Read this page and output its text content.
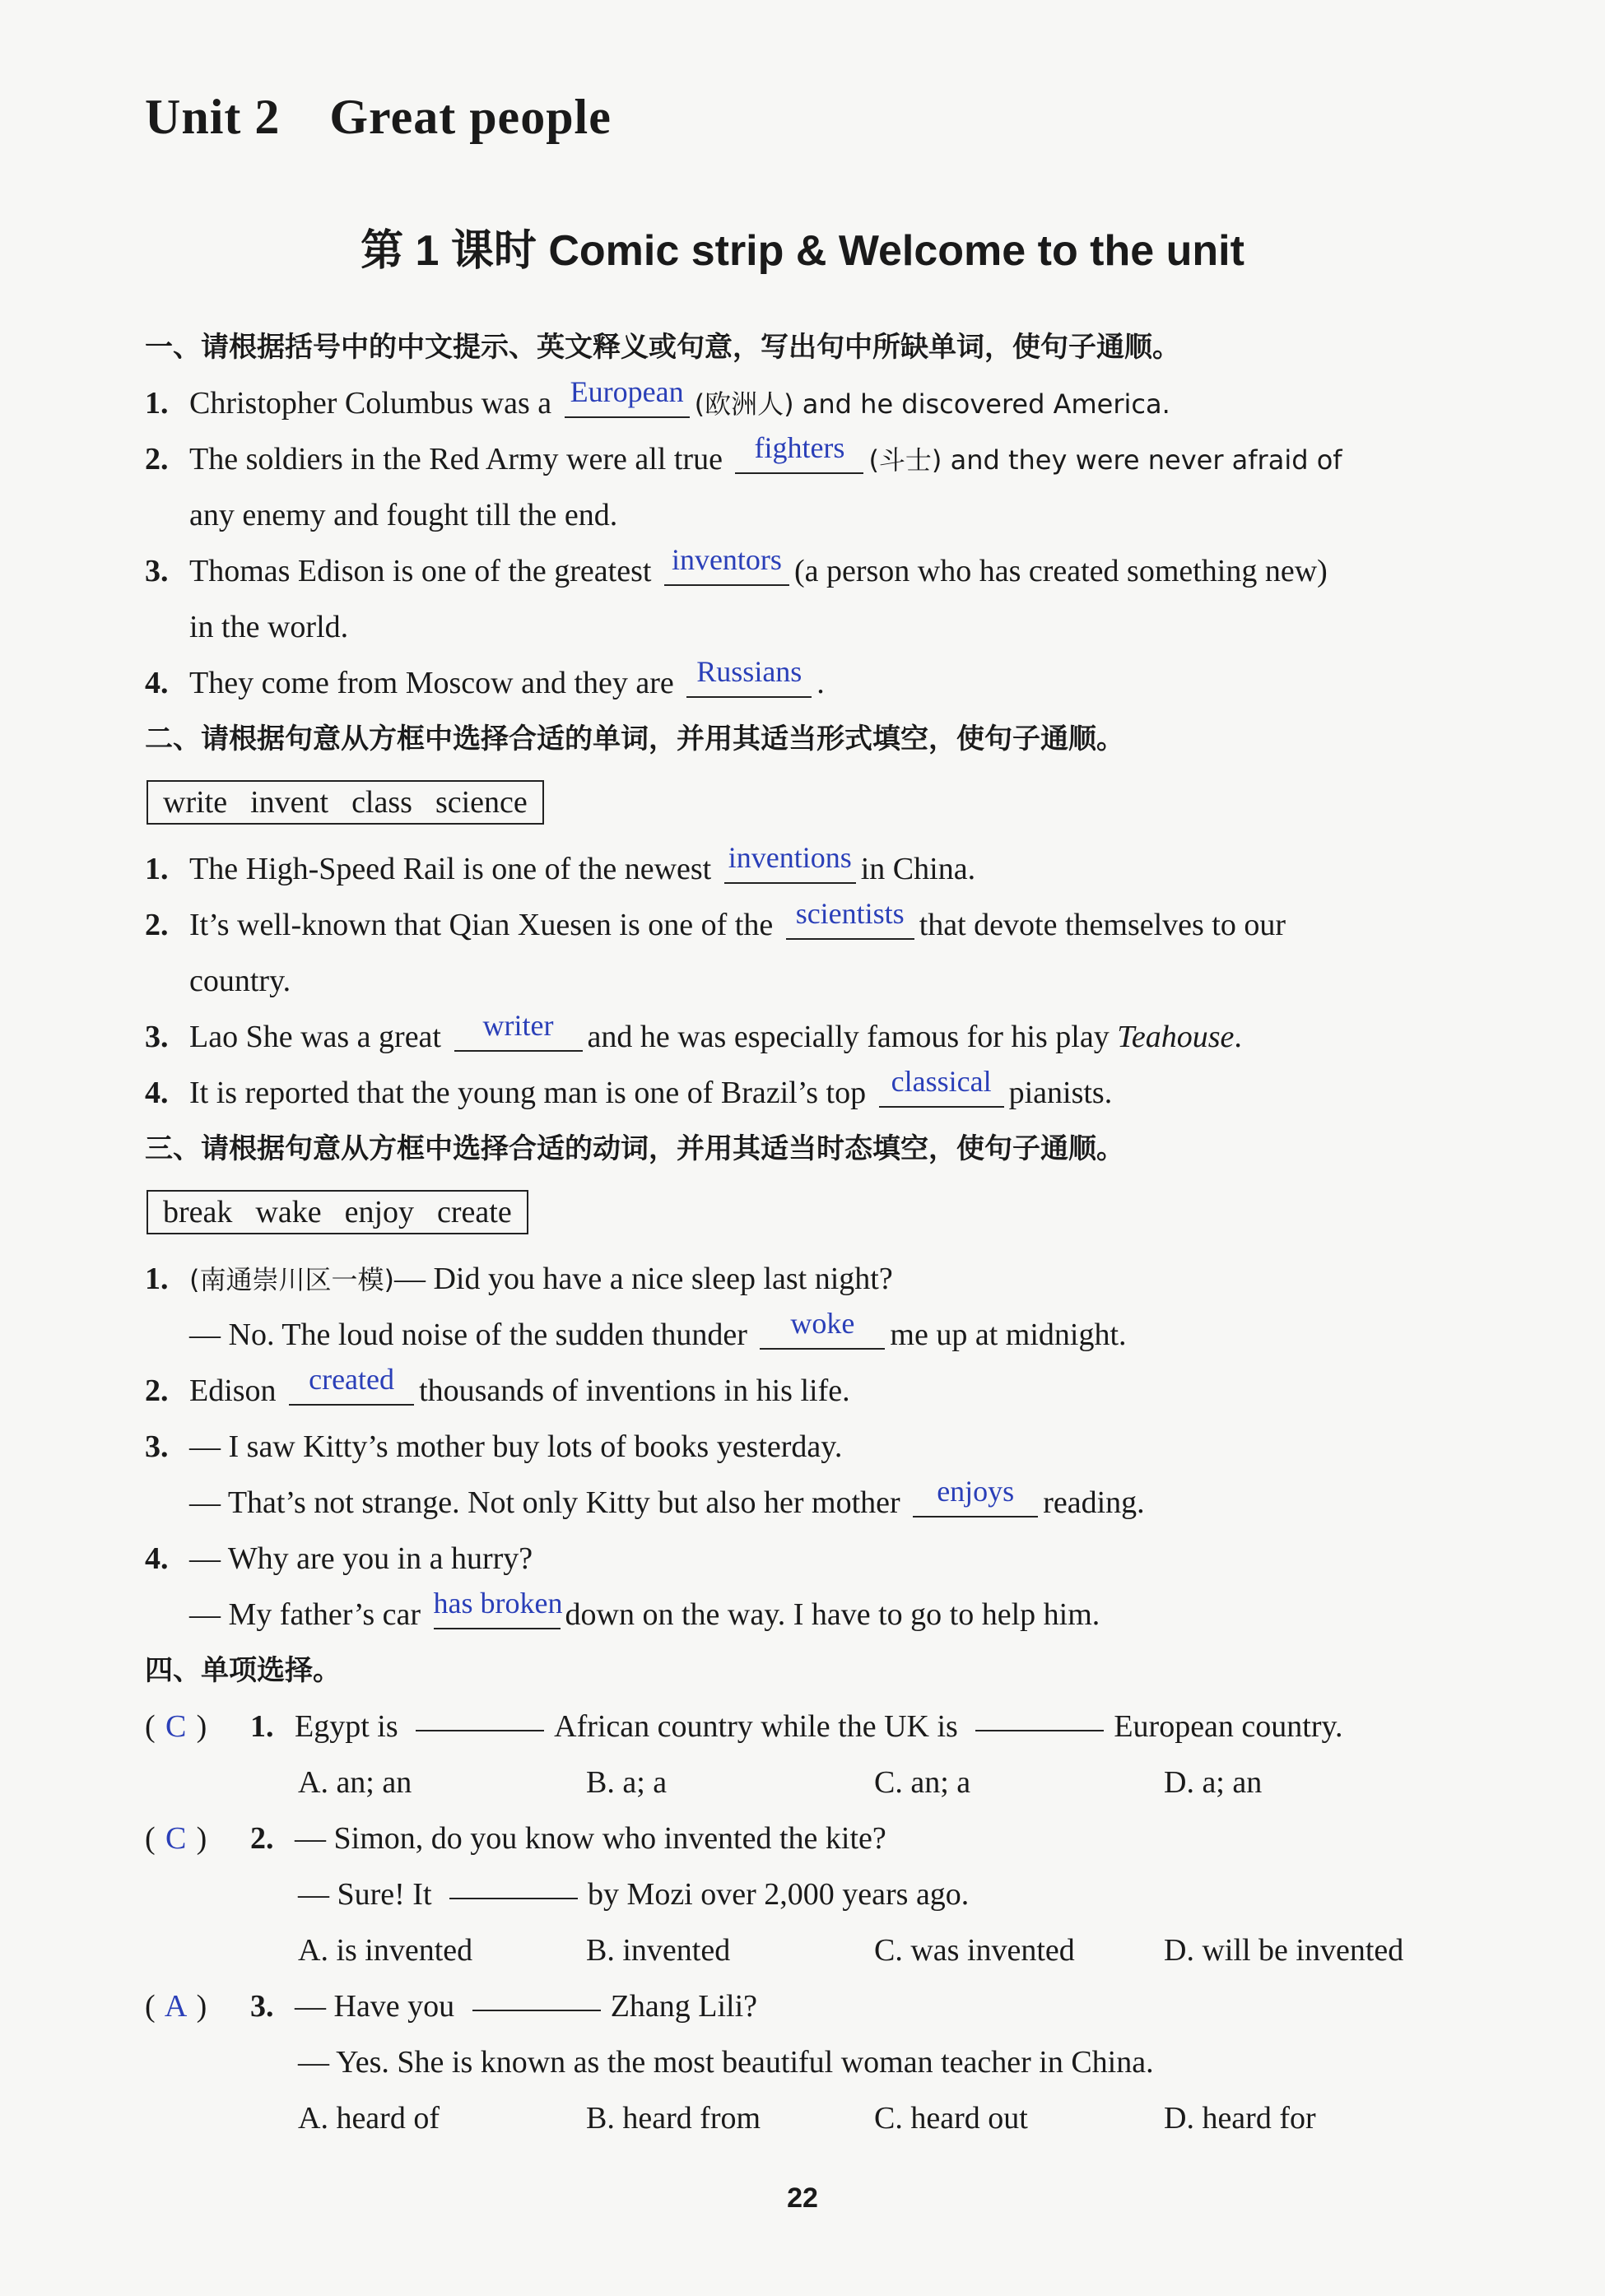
Unit 2 Great people
第 1 课时 Comic strip & Welcome to the unit
一、请根据括号中的中文提示、英文释义或句意，写出句中所缺单词，使句子通顺。
1. Christopher Columbus was a European (欧洲人) and he discovered America.
2. The soldiers in the Red Army were all true fighters (斗士) and they were never afraid of
any enemy and fought till the end.
3. Thomas Edison is one of the greatest inventors (a person who has created something new)
in the world.
4. They come from Moscow and they are Russians .
二、请根据句意从方框中选择合适的单词，并用其适当形式填空，使句子通顺。
write invent class science
1. The High-Speed Rail is one of the newest inventions in China.
2. It’s well-known that Qian Xuesen is one of the scientists that devote themselves to our
country.
3. Lao She was a great writer and he was especially famous for his play Teahouse.
4. It is reported that the young man is one of Brazil’s top classical pianists.
三、请根据句意从方框中选择合适的动词，并用其适当时态填空，使句子通顺。
break wake enjoy create
1. (南通崇川区一模)— Did you have a nice sleep last night?
— No. The loud noise of the sudden thunder woke me up at midnight.
2. Edison created thousands of inventions in his life.
3. — I saw Kitty’s mother buy lots of books yesterday.
— That’s not strange. Not only Kitty but also her mother enjoys reading.
4. — Why are you in a hurry?
— My father’s car has brokendown on the way. I have to go to help him.
四、单项选择。
( C ) 1. Egypt is	African country while the UK is	European country.
A. an; an	B. a; a	C. an; a	D. a; an
( C ) 2. — Simon, do you know who invented the kite?
— Sure! It	by Mozi over 2,000 years ago.
A. is invented	B. invented	C. was invented	D. will be invented
( A ) 3. — Have you	Zhang Lili?
— Yes. She is known as the most beautiful woman teacher in China.
A. heard of	B. heard from	C. heard out	D. heard for
22
